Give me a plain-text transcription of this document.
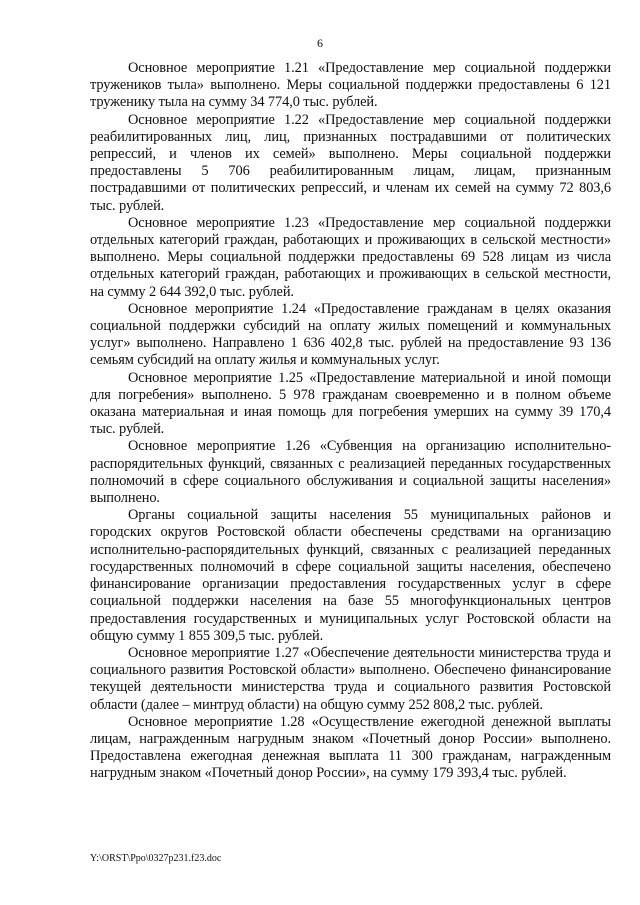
6

Основное мероприятие 1.21 «Предоставление мер социальной поддержки тружеников тыла» выполнено. Меры социальной поддержки предоставлены 6 121 труженику тыла на сумму 34 774,0 тыс. рублей.

Основное мероприятие 1.22 «Предоставление мер социальной поддержки реабилитированных лиц, лиц, признанных пострадавшими от политических репрессий, и членов их семей» выполнено. Меры социальной поддержки предоставлены 5 706 реабилитированным лицам, лицам, признанным пострадавшими от политических репрессий, и членам их семей на сумму 72 803,6 тыс. рублей.

Основное мероприятие 1.23 «Предоставление мер социальной поддержки отдельных категорий граждан, работающих и проживающих в сельской местности» выполнено. Меры социальной поддержки предоставлены 69 528 лицам из числа отдельных категорий граждан, работающих и проживающих в сельской местности, на сумму 2 644 392,0 тыс. рублей.

Основное мероприятие 1.24 «Предоставление гражданам в целях оказания социальной поддержки субсидий на оплату жилых помещений и коммунальных услуг» выполнено. Направлено 1 636 402,8 тыс. рублей на предоставление 93 136 семьям субсидий на оплату жилья и коммунальных услуг.

Основное мероприятие 1.25 «Предоставление материальной и иной помощи для погребения» выполнено. 5 978 гражданам своевременно и в полном объеме оказана материальная и иная помощь для погребения умерших на сумму 39 170,4 тыс. рублей.

Основное мероприятие 1.26 «Субвенция на организацию исполнительно-распорядительных функций, связанных с реализацией переданных государственных полномочий в сфере социального обслуживания и социальной защиты населения» выполнено.

Органы социальной защиты населения 55 муниципальных районов и городских округов Ростовской области обеспечены средствами на организацию исполнительно-распорядительных функций, связанных с реализацией переданных государственных полномочий в сфере социальной защиты населения, обеспечено финансирование организации предоставления государственных услуг в сфере социальной поддержки населения на базе 55 многофункциональных центров предоставления государственных и муниципальных услуг Ростовской области на общую сумму 1 855 309,5 тыс. рублей.

Основное мероприятие 1.27 «Обеспечение деятельности министерства труда и социального развития Ростовской области» выполнено. Обеспечено финансирование текущей деятельности министерства труда и социального развития Ростовской области (далее – минтруд области) на общую сумму 252 808,2 тыс. рублей.

Основное мероприятие 1.28 «Осуществление ежегодной денежной выплаты лицам, награжденным нагрудным знаком «Почетный донор России» выполнено. Предоставлена ежегодная денежная выплата 11 300 гражданам, награжденным нагрудным знаком «Почетный донор России», на сумму 179 393,4 тыс. рублей.

Y:\ORST\Ppo\0327p231.f23.doc
